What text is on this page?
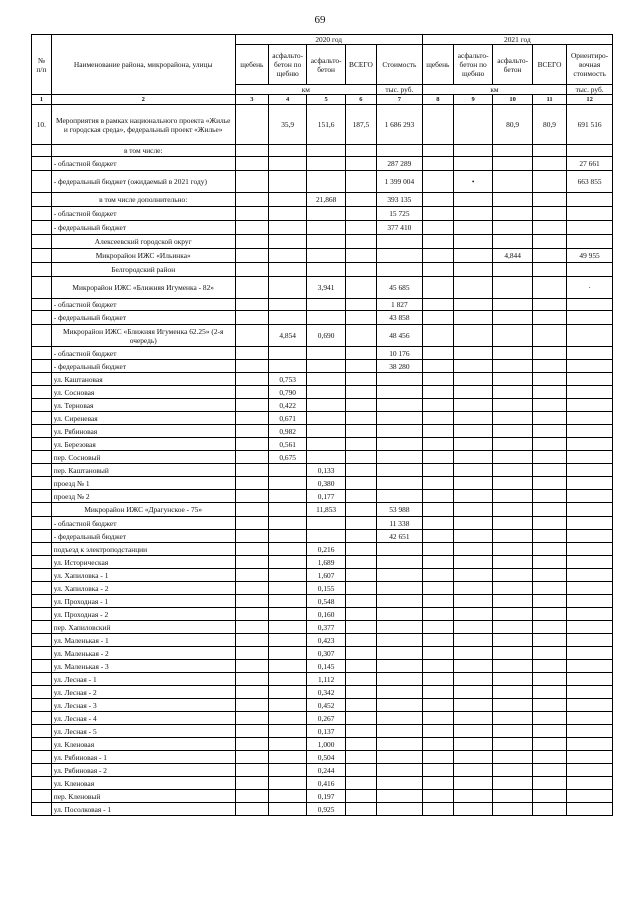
69
№ п/п	Наименование района, микрорайона, улицы	2020 год					2021 год				
		щебень	асфальто-бетон по щебню	асфальто-бетон	ВСЕГО	Стоимость	щебень	асфальто-бетон по щебню	асфальто-бетон	ВСЕГО	Ориентиро-вочная стоимость
		км				тыс. руб.	км				тыс. руб.
1	2	3	4	5	6	7	8	9	10	11	12
10.	Мероприятия в рамках национального проекта «Жилье и городская среда», федеральный проект «Жилье»		35,9	151,6	187,5	1 686 293			80,9	80,9	691 516
	в том числе:										
	- областной бюджет					287 289					27 661
	- федеральный бюджет (ожидаемый в 2021 году)					1 399 004		•			663 855
	в том числе дополнительно:			21,868		393 135					
	- областной бюджет					15 725					
	- федеральный бюджет					377 410					
	Алексеевский городской округ										
	Микрорайон ИЖС «Ильинка»								4,844		49 955
	Белгородский район										
	Микрорайон ИЖС «Ближняя Игуменка - 82»			3,941		45 685					·
	- областной бюджет					1 827					
	- федеральный бюджет					43 858					
	Микрорайон ИЖС «Ближняя Игуменка 62.25» (2-я очередь)		4,854	0,690		48 456					
	- областной бюджет					10 176					
	- федеральный бюджет					38 280					
	ул. Каштановая		0,753								
	ул. Сосновая		0,790								
	ул. Терновая		0,422								
	ул. Сиреневая		0,671								
	ул. Рябиновая		0,982								
	ул. Березовая		0,561								
	пер. Сосновый		0,675								
	пер. Каштановый			0,133							
	проезд № 1			0,380							
	проезд № 2			0,177							
	Микрорайон ИЖС «Драгунское - 75»			11,853		53 988					
	- областной бюджет					11 338					
	- федеральный бюджет					42 651					
	подъезд к электроподстанции			0,216							
	ул. Историческая			1,689							
	ул. Хапиловка - 1			1,607							
	ул. Хапиловка - 2			0,155							
	ул. Проходная - 1			0,548							
	ул. Проходная - 2			0,160							
	пер. Хапиловский			0,377							
	ул. Маленькая - 1			0,423							
	ул. Маленькая - 2			0,307							
	ул. Маленькая - 3			0,145							
	ул. Лесная - 1			1,112							
	ул. Лесная - 2			0,342							
	ул. Лесная - 3			0,452							
	ул. Лесная - 4			0,267							
	ул. Лесная - 5			0,137							
	ул. Кленовая			1,000							
	ул. Рябиновая - 1			0,504							
	ул. Рябиновая - 2			0,244							
	ул. Кленовая			0,416							
	пер. Кленовый			0,197							
	ул. Посолковая - 1			0,925							
